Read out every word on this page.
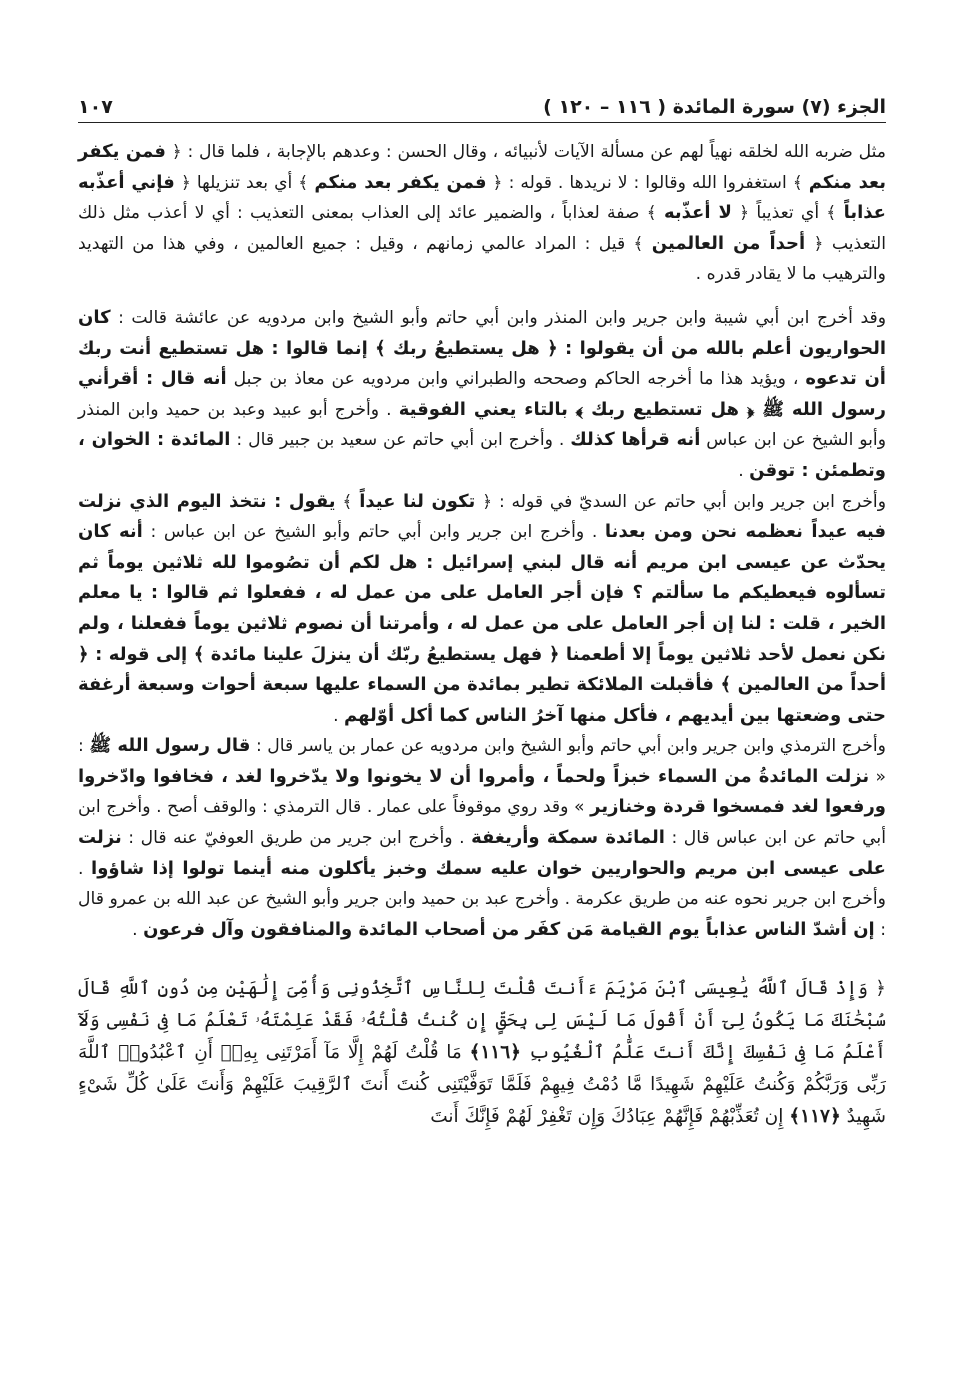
الجزء (٧) سورة المائدة ( ١١٦ – ١٢٠ )
١٠٧

مثل ضربه الله لخلقه نهياً لهم عن مسألة الآيات لأنبيائه ، وقال الحسن : وعدهم بالإجابة ، فلما قال : ﴿ فمن يكفر بعد منكم ﴾ استغفروا الله وقالوا : لا نريدها . قوله : ﴿ فمن يكفر بعد منكم ﴾ أي بعد تنزيلها ﴿ فإني أعذّبه عذاباً ﴾ أي تعذيباً ﴿ لا أعذّبه ﴾ صفة لعذاباً ، والضمير عائد إلى العذاب بمعنى التعذيب : أي لا أعذب مثل ذلك التعذيب ﴿ أحداً من العالمين ﴾ قيل : المراد عالمي زمانهم ، وقيل : جميع العالمين ، وفي هذا من التهديد والترهيب ما لا يقادر قدره .

وقد أخرج ابن أبي شيبة وابن جرير وابن المنذر وابن أبي حاتم وأبو الشيخ وابن مردويه عن عائشة قالت : كان الحواريون أعلم بالله من أن يقولوا : ﴿ هل يستطيعُ ربك ﴾ إنما قالوا : هل تستطيع أنت ربك أن تدعوه ، ويؤيد هذا ما أخرجه الحاكم وصححه والطبراني وابن مردويه عن معاذ بن جبل أنه قال : أقرأني رسول الله ﷺ ﴿ هل تستطيع ربك ﴾ بالتاء يعني الفوقية . وأخرج أبو عبيد وعبد بن حميد وابن المنذر وأبو الشيخ عن ابن عباس أنه قرأها كذلك . وأخرج ابن أبي حاتم عن سعيد بن جبير قال : المائدة : الخوان ، وتطمئن : توقن .

وأخرج ابن جرير وابن أبي حاتم عن السديّ في قوله : ﴿ تكون لنا عيداً ﴾ يقول : نتخذ اليوم الذي نزلت فيه عيداً نعظمه نحن ومن بعدنا . وأخرج ابن جرير وابن أبي حاتم وأبو الشيخ عن ابن عباس : أنه كان يحدّث عن عيسى ابن مريم أنه قال لبني إسرائيل : هل لكم أن تصُوموا لله ثلاثين يوماً ثم تسألوه فيعطيكم ما سألتم ؟ فإن أجر العامل على من عمل له ، ففعلوا ثم قالوا : يا معلم الخير ، قلت : لنا إن أجر العامل على من عمل له ، وأمرتنا أن نصوم ثلاثين يوماً ففعلنا ، ولم نكن نعمل لأحد ثلاثين يوماً إلا أطعمنا ﴿ فهل يستطيعُ ربّك أن ينزلَ علينا مائدة ﴾ إلى قوله : ﴿ أحداً من العالمين ﴾ فأقبلت الملائكة تطير بمائدة من السماء عليها سبعة أحوات وسبعة أرغفة حتى وضعتها بين أيديهم ، فأكل منها آخرُ الناس كما أكل أوّلهم .

وأخرج الترمذي وابن جرير وابن أبي حاتم وأبو الشيخ وابن مردويه عن عمار بن ياسر قال : قال رسول الله ﷺ : « نزلت المائدةُ من السماء خبزاً ولحماً ، وأمروا أن لا يخونوا ولا يدّخروا لغد ، فخافوا وادّخروا ورفعوا لغد فمسخوا قردة وخنازير » وقد روي موقوفاً على عمار . قال الترمذي : والوقف أصح . وأخرج ابن أبي حاتم عن ابن عباس قال : المائدة سمكة وأريغفة . وأخرج ابن جرير من طريق العوفيّ عنه قال : نزلت على عيسى ابن مريم والحواريين خوان عليه سمك وخبز يأكلون منه أينما تولوا إذا شاؤوا . وأخرج ابن جرير نحوه عنه من طريق عكرمة . وأخرج عبد بن حميد وابن جرير وأبو الشيخ عن عبد الله بن عمرو قال : إن أشدّ الناس عذاباً يوم القيامة مَن كفَر من أصحاب المائدة والمنافقون وآل فرعون .

﴿ وَإِذْ قَالَ ٱللَّهُ يَٰعِيسَى ٱبْنَ مَرْيَمَ ءَأَنتَ قُلْتَ لِلنَّاسِ ٱتَّخِذُونِى وَأُمِّىَ إِلَٰهَيْنِ مِن دُونِ ٱللَّهِ قَالَ سُبْحَٰنَكَ مَا يَكُونُ لِىٓ أَنْ أَقُولَ مَا لَيْسَ لِى بِحَقٍّ إِن كُنتُ قُلْتُهُۥ فَقَدْ عَلِمْتَهُۥ تَعْلَمُ مَا فِى نَفْسِى وَلَآ أَعْلَمُ مَا فِى نَفْسِكَ إِنَّكَ أَنتَ عَلَّٰمُ ٱلْغُيُوبِ ﴿١١٦﴾ مَا قُلْتُ لَهُمْ إِلَّا مَآ أَمَرْتَنِى بِهِۦٓ أَنِ ٱعْبُدُوا۟ ٱللَّهَ رَبِّى وَرَبَّكُمْ وَكُنتُ عَلَيْهِمْ شَهِيدًا مَّا دُمْتُ فِيهِمْ فَلَمَّا تَوَفَّيْتَنِى كُنتَ أَنتَ ٱلرَّقِيبَ عَلَيْهِمْ وَأَنتَ عَلَىٰ كُلِّ شَىْءٍ شَهِيدٌ ﴿١١٧﴾ إِن تُعَذِّبْهُمْ فَإِنَّهُمْ عِبَادُكَ وَإِن تَغْفِرْ لَهُمْ فَإِنَّكَ أَنتَ
